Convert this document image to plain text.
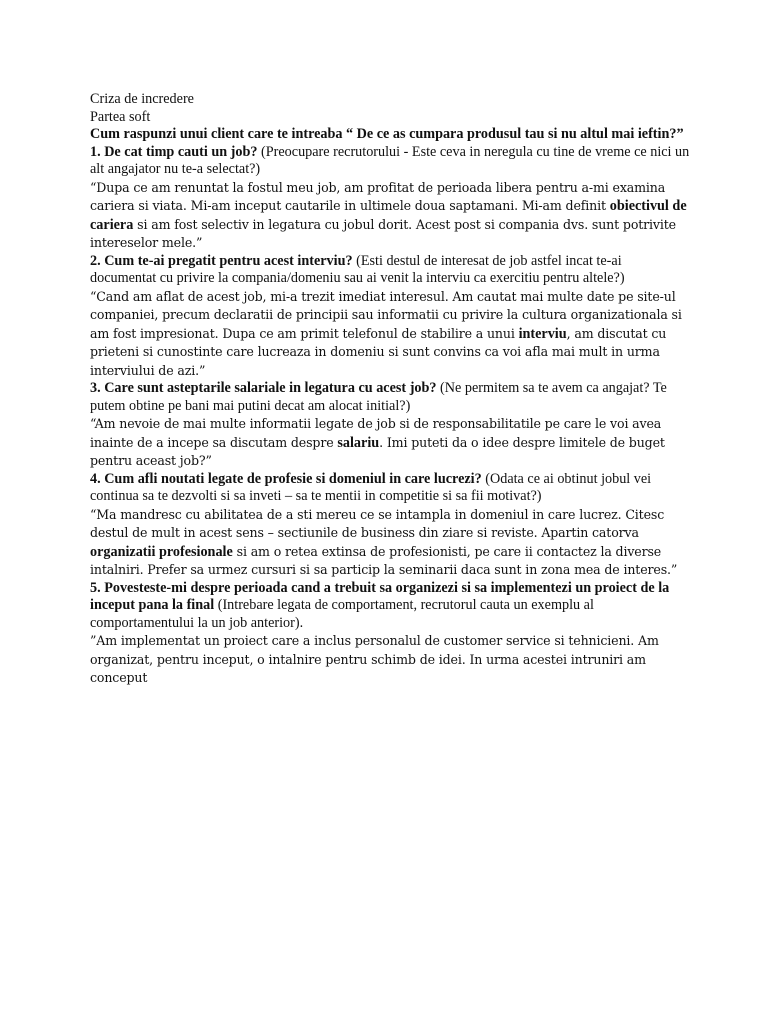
Criza de incredere

Partea soft

Cum raspunzi unui client care te intreaba “ De ce as cumpara produsul tau si nu altul mai ieftin?”

1. De cat timp cauti un job? (Preocupare recrutorului - Este ceva in neregula cu tine de vreme ce nici un alt angajator nu te-a selectat?)

“Dupa ce am renuntat la fostul meu job, am profitat de perioada libera pentru a-mi examina cariera si viata. Mi-am inceput cautarile in ultimele doua saptamani. Mi-am definit obiectivul de cariera si am fost selectiv in legatura cu jobul dorit. Acest post si compania dvs. sunt potrivite intereselor mele.”

2. Cum te-ai pregatit pentru acest interviu? (Esti destul de interesat de job astfel incat te-ai documentat cu privire la compania/domeniu sau ai venit la interviu ca exercitiu pentru altele?)

“Cand am aflat de acest job, mi-a trezit imediat interesul. Am cautat mai multe date pe site-ul companiei, precum declaratii de principii sau informatii cu privire la cultura organizationala si am fost impresionat. Dupa ce am primit telefonul de stabilire a unui interviu, am discutat cu prieteni si cunostinte care lucreaza in domeniu si sunt convins ca voi afla mai mult in urma interviului de azi.”

3. Care sunt asteptarile salariale in legatura cu acest job? (Ne permitem sa te avem ca angajat? Te putem obtine pe bani mai putini decat am alocat initial?)

“Am nevoie de mai multe informatii legate de job si de responsabilitatile pe care le voi avea inainte de a incepe sa discutam despre salariu. Imi puteti da o idee despre limitele de buget pentru aceast job?”

4. Cum afli noutati legate de profesie si domeniul in care lucrezi? (Odata ce ai obtinut jobul vei continua sa te dezvolti si sa inveti – sa te mentii in competitie si sa fii motivat?)

“Ma mandresc cu abilitatea de a sti mereu ce se intampla in domeniul in care lucrez. Citesc destul de mult in acest sens – sectiunile de business din ziare si reviste. Apartin catorva organizatii profesionale si am o retea extinsa de profesionisti, pe care ii contactez la diverse intalniri. Prefer sa urmez cursuri si sa particip la seminarii daca sunt in zona mea de interes.”

5. Povesteste-mi despre perioada cand a trebuit sa organizezi si sa implementezi un proiect de la inceput pana la final (Intrebare legata de comportament, recrutorul cauta un exemplu al comportamentului la un job anterior).

”Am implementat un proiect care a inclus personalul de customer service si tehnicieni. Am organizat, pentru inceput, o intalnire pentru schimb de idei. In urma acestei intruniri am conceput
